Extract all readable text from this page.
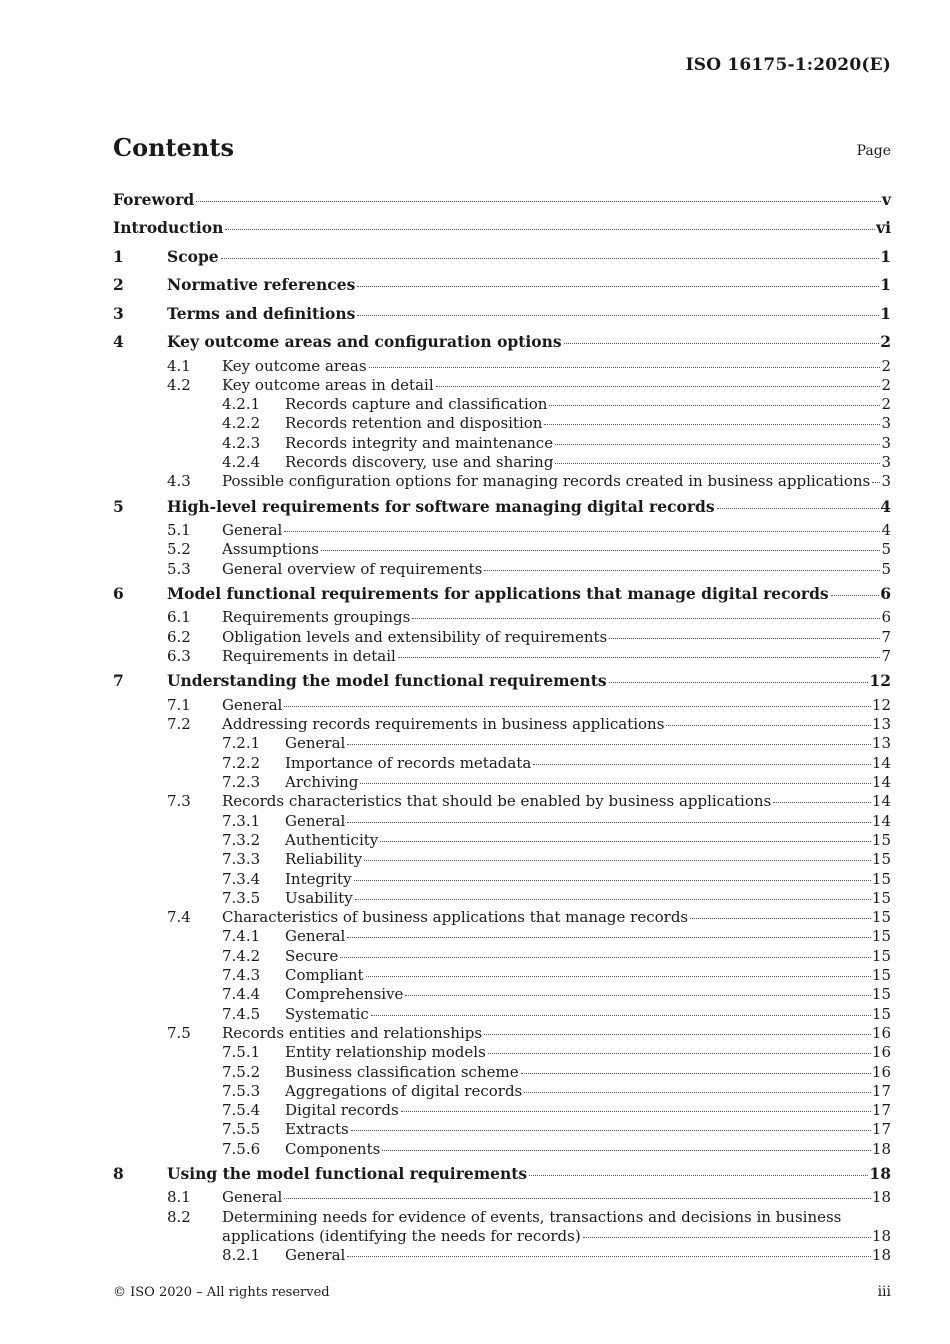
ISO 16175-1:2020(E)
Contents	Page
Foreword	v
Introduction	vi
1	Scope	1
2	Normative references	1
3	Terms and definitions	1
4	Key outcome areas and configuration options	2
4.1	Key outcome areas	2
4.2	Key outcome areas in detail	2
4.2.1	Records capture and classification	2
4.2.2	Records retention and disposition	3
4.2.3	Records integrity and maintenance	3
4.2.4	Records discovery, use and sharing	3
4.3	Possible configuration options for managing records created in business applications 3
5	High-level requirements for software managing digital records	4
5.1	General	4
5.2	Assumptions	5
5.3	General overview of requirements	5
6	Model functional requirements for applications that manage digital records	6
6.1	Requirements groupings	6
6.2	Obligation levels and extensibility of requirements	7
6.3	Requirements in detail	7
7	Understanding the model functional requirements	12
7.1	General	12
7.2	Addressing records requirements in business applications	13
7.2.1	General	13
7.2.2	Importance of records metadata	14
7.2.3	Archiving	14
7.3	Records characteristics that should be enabled by business applications	14
7.3.1	General	14
7.3.2	Authenticity	15
7.3.3	Reliability	15
7.3.4	Integrity	15
7.3.5	Usability	15
7.4	Characteristics of business applications that manage records	15
7.4.1	General	15
7.4.2	Secure	15
7.4.3	Compliant	15
7.4.4	Comprehensive	15
7.4.5	Systematic	15
7.5	Records entities and relationships	16
7.5.1	Entity relationship models	16
7.5.2	Business classification scheme	16
7.5.3	Aggregations of digital records	17
7.5.4	Digital records	17
7.5.5	Extracts	17
7.5.6	Components	18
8	Using the model functional requirements	18
8.1	General	18
8.2	Determining needs for evidence of events, transactions and decisions in business
applications (identifying the needs for records)	18
8.2.1	General	18
© ISO 2020 – All rights reserved	iii
